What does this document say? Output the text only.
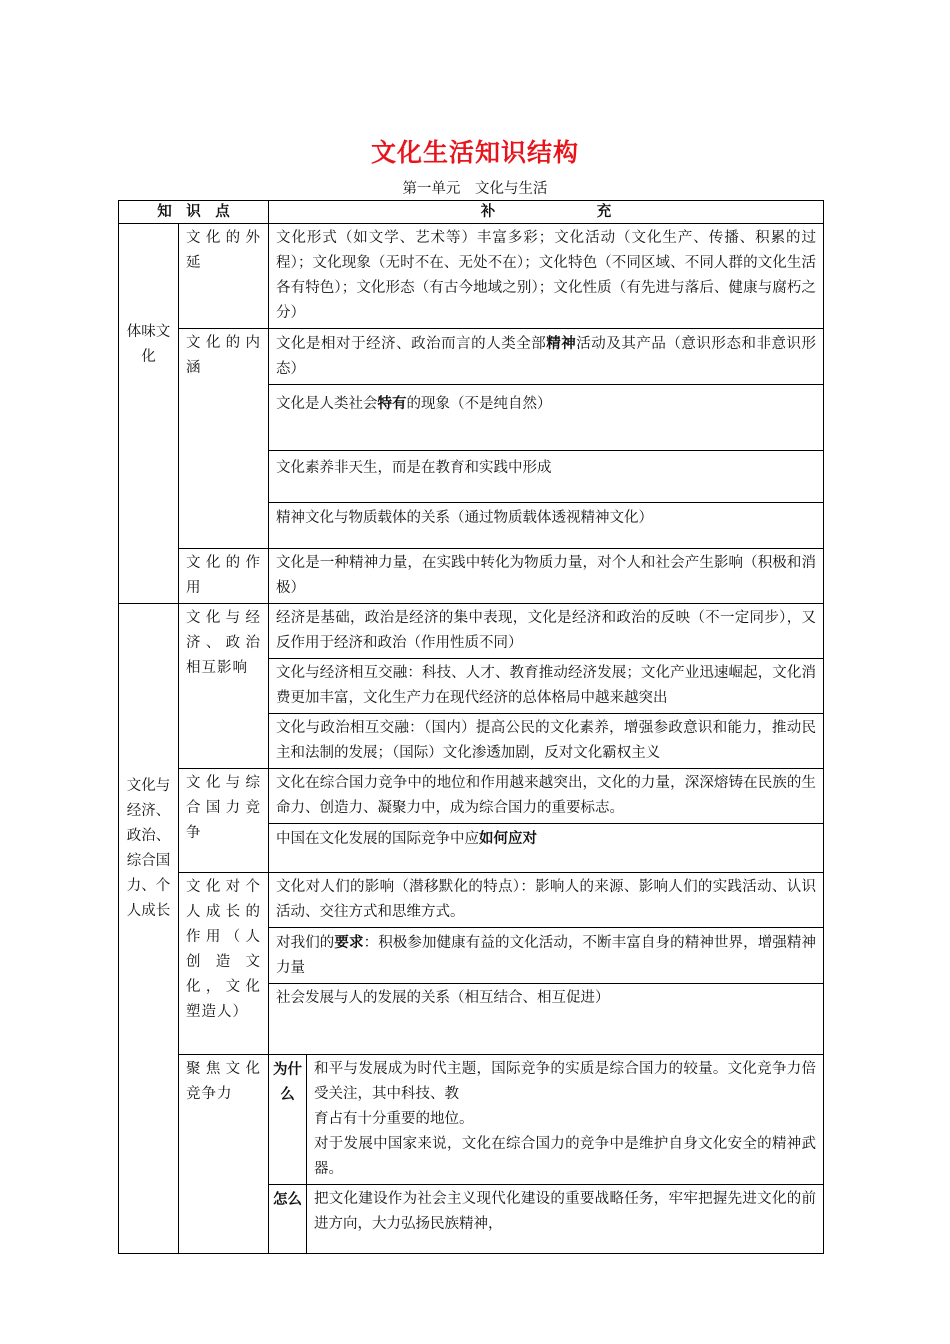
文化生活知识结构
第一单元 文化与生活
知　识　点		补　　　　　　　充	
体味文化	文化的外延	文化形式（如文学、艺术等）丰富多彩；文化活动（文化生产、传播、积累的过程）；文化现象（无时不在、无处不在）；文化特色（不同区域、不同人群的文化生活各有特色）；文化形态（有古今地域之别）；文化性质（有先进与落后、健康与腐朽之分）	
	文化的内涵	文化是相对于经济、政治而言的人类全部精神活动及其产品（意识形态和非意识形态）	
		文化是人类社会特有的现象（不是纯自然）	
		文化素养非天生，而是在教育和实践中形成	
		精神文化与物质载体的关系（通过物质载体透视精神文化）	
	文化的作用	文化是一种精神力量，在实践中转化为物质力量，对个人和社会产生影响（积极和消极）	
文化与经济、政治、综合国力、个人成长	文化与经济、政治相互影响	经济是基础，政治是经济的集中表现，文化是经济和政治的反映（不一定同步），又反作用于经济和政治（作用性质不同）	
		文化与经济相互交融：科技、人才、教育推动经济发展；文化产业迅速崛起，文化消费更加丰富，文化生产力在现代经济的总体格局中越来越突出	
		文化与政治相互交融：（国内）提高公民的文化素养，增强参政意识和能力，推动民主和法制的发展；（国际）文化渗透加剧，反对文化霸权主义	
	文化与综合国力竞争	文化在综合国力竞争中的地位和作用越来越突出，文化的力量，深深熔铸在民族的生命力、创造力、凝聚力中，成为综合国力的重要标志。	
		中国在文化发展的国际竞争中应如何应对	
	文化对个人成长的作用（人创造文化，文化塑造人）	文化对人们的影响（潜移默化的特点）：影响人的来源、影响人们的实践活动、认识活动、交往方式和思维方式。	
		对我们的要求：积极参加健康有益的文化活动，不断丰富自身的精神世界，增强精神力量	
		社会发展与人的发展的关系（相互结合、相互促进）	
	聚焦文化竞争力	为什么	和平与发展成为时代主题，国际竞争的实质是综合国力的较量。文化竞争力倍受关注，其中科技、教
育占有十分重要的地位。
对于发展中国家来说，文化在综合国力的竞争中是维护自身文化安全的精神武器。
		怎么	把文化建设作为社会主义现代化建设的重要战略任务，牢牢把握先进文化的前进方向，大力弘扬民族精神，
